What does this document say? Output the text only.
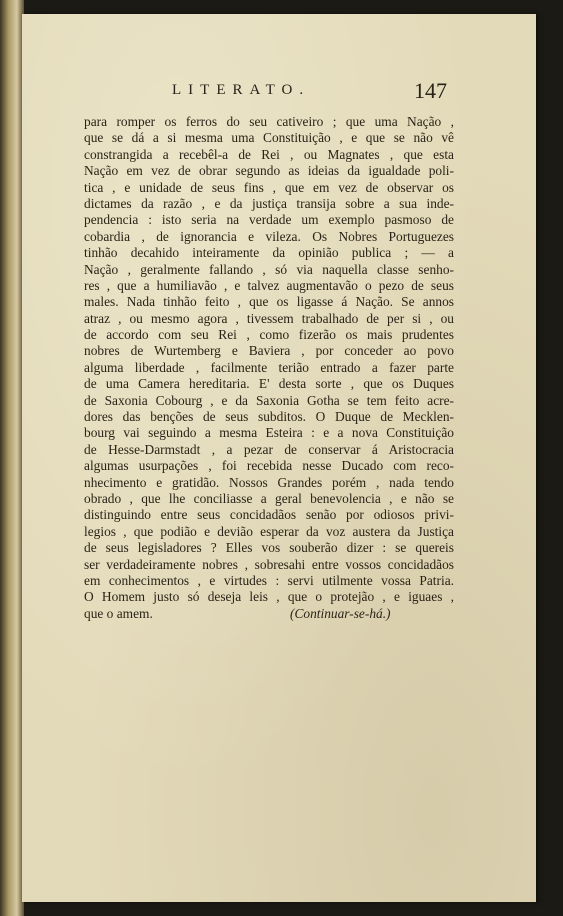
LITERATO.	147
para romper os ferros do seu cativeiro ; que uma Nação ,
que se dá a si mesma uma Constituição , e que se não vê
constrangida a recebêl-a de Rei , ou Magnates , que esta
Nação em vez de obrar segundo as ideias da igualdade poli-
tica , e unidade de seus fins , que em vez de observar os
dictames da razão , e da justiça transija sobre a sua inde-
pendencia : isto seria na verdade um exemplo pasmoso de
cobardia , de ignorancia e vileza. Os Nobres Portuguezes
tinhão decahido inteiramente da opinião publica ; — a
Nação , geralmente fallando , só via naquella classe senho-
res , que a humiliavão , e talvez augmentavão o pezo de seus
males. Nada tinhão feito , que os ligasse á Nação. Se annos
atraz , ou mesmo agora , tivessem trabalhado de per si , ou
de accordo com seu Rei , como fizerão os mais prudentes
nobres de Wurtemberg e Baviera , por conceder ao povo
alguma liberdade , facilmente terião entrado a fazer parte
de uma Camera hereditaria. E' desta sorte , que os Duques
de Saxonia Cobourg , e da Saxonia Gotha se tem feito acre-
dores das benções de seus subditos. O Duque de Mecklen-
bourg vai seguindo a mesma Esteira : e a nova Constituição
de Hesse-Darmstadt , a pezar de conservar á Aristocracia
algumas usurpações , foi recebida nesse Ducado com reco-
nhecimento e gratidão. Nossos Grandes porém , nada tendo
obrado , que lhe conciliasse a geral benevolencia , e não se
distinguindo entre seus concidadãos senão por odiosos privi-
legios , que podião e devião esperar da voz austera da Justiça
de seus legisladores ? Elles vos souberão dizer : se quereis
ser verdadeiramente nobres , sobresahi entre vossos concidadãos
em conhecimentos , e virtudes : servi utilmente vossa Patria.
O Homem justo só deseja leis , que o protejão , e iguaes ,
que o amem.	(Continuar-se-há.)
